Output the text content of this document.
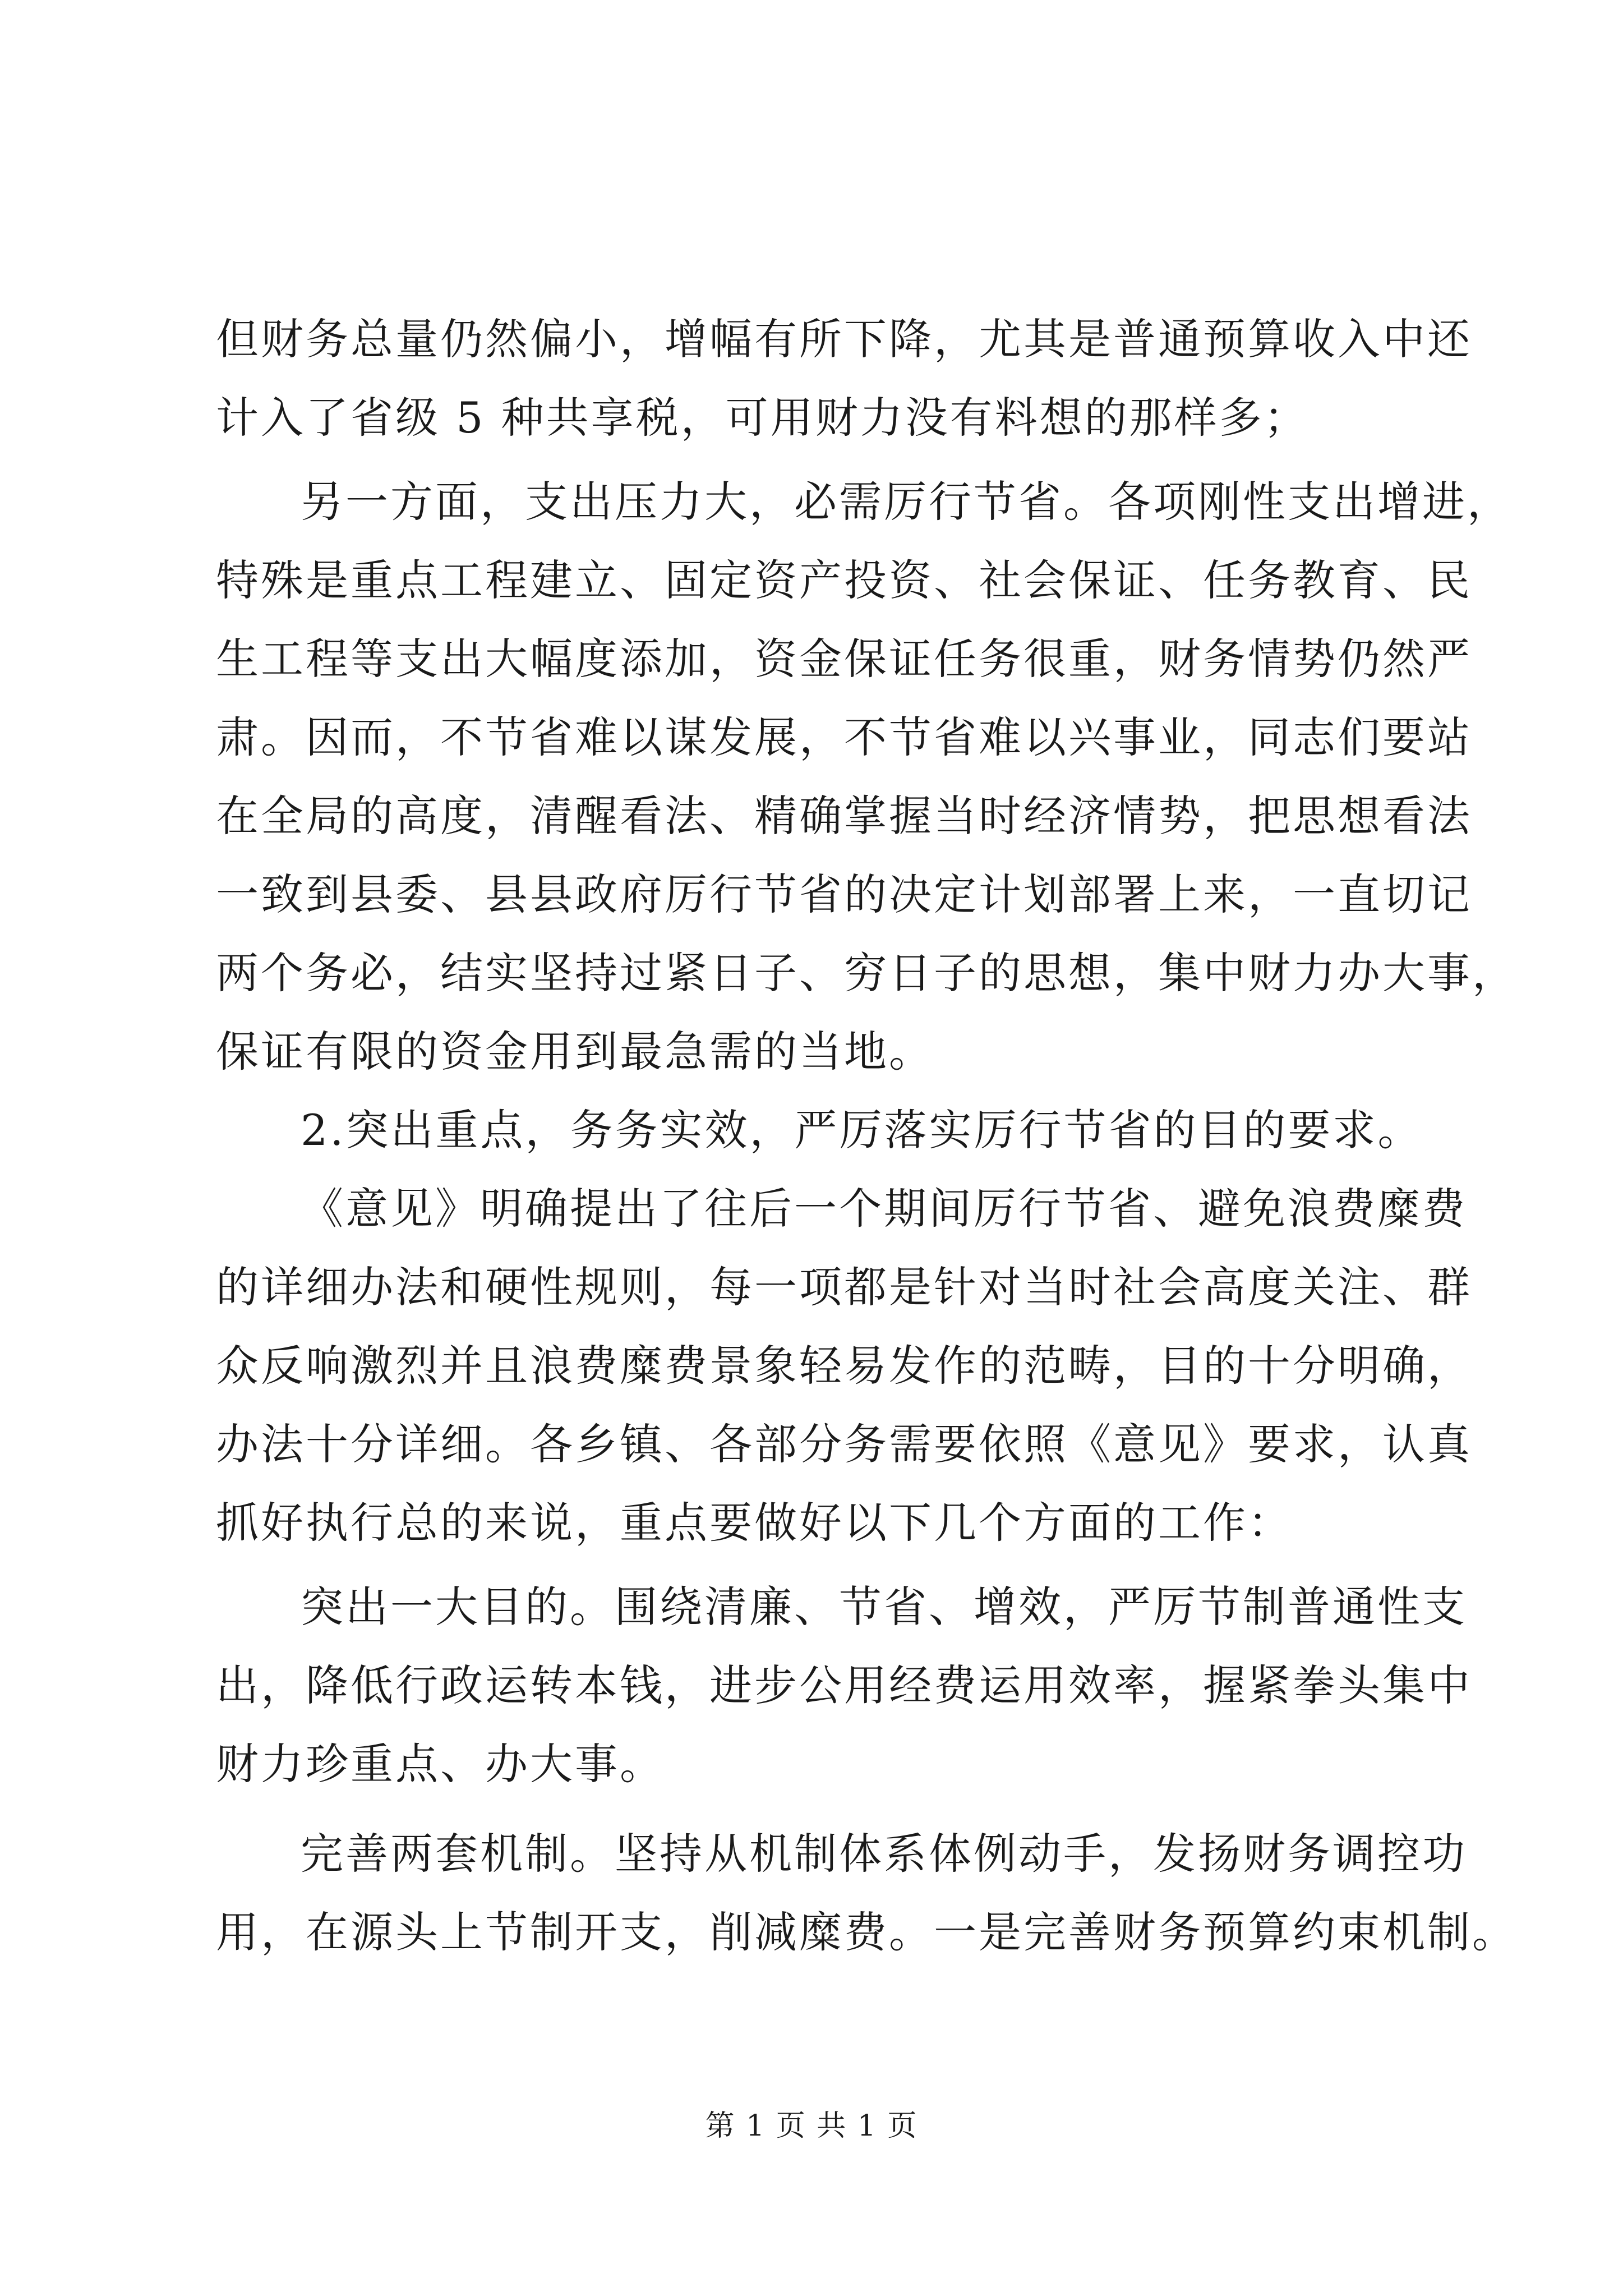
但财务总量仍然偏小，增幅有所下降，尤其是普通预算收入中还
计入了省级 5 种共享税，可用财力没有料想的那样多；
另一方面，支出压力大，必需厉行节省。各项刚性支出增进，
特殊是重点工程建立、固定资产投资、社会保证、任务教育、民
生工程等支出大幅度添加，资金保证任务很重，财务情势仍然严
肃。因而，不节省难以谋发展，不节省难以兴事业，同志们要站
在全局的高度，清醒看法、精确掌握当时经济情势，把思想看法
一致到县委、县县政府厉行节省的决定计划部署上来，一直切记
两个务必，结实坚持过紧日子、穷日子的思想，集中财力办大事，
保证有限的资金用到最急需的当地。
2.突出重点，务务实效，严厉落实厉行节省的目的要求。
《意见》明确提出了往后一个期间厉行节省、避免浪费糜费
的详细办法和硬性规则，每一项都是针对当时社会高度关注、群
众反响激烈并且浪费糜费景象轻易发作的范畴，目的十分明确，
办法十分详细。各乡镇、各部分务需要依照《意见》要求，认真
抓好执行总的来说，重点要做好以下几个方面的工作：
突出一大目的。围绕清廉、节省、增效，严厉节制普通性支
出，降低行政运转本钱，进步公用经费运用效率，握紧拳头集中
财力珍重点、办大事。
完善两套机制。坚持从机制体系体例动手，发扬财务调控功
用，在源头上节制开支，削减糜费。一是完善财务预算约束机制。
第 1 页 共 1 页
